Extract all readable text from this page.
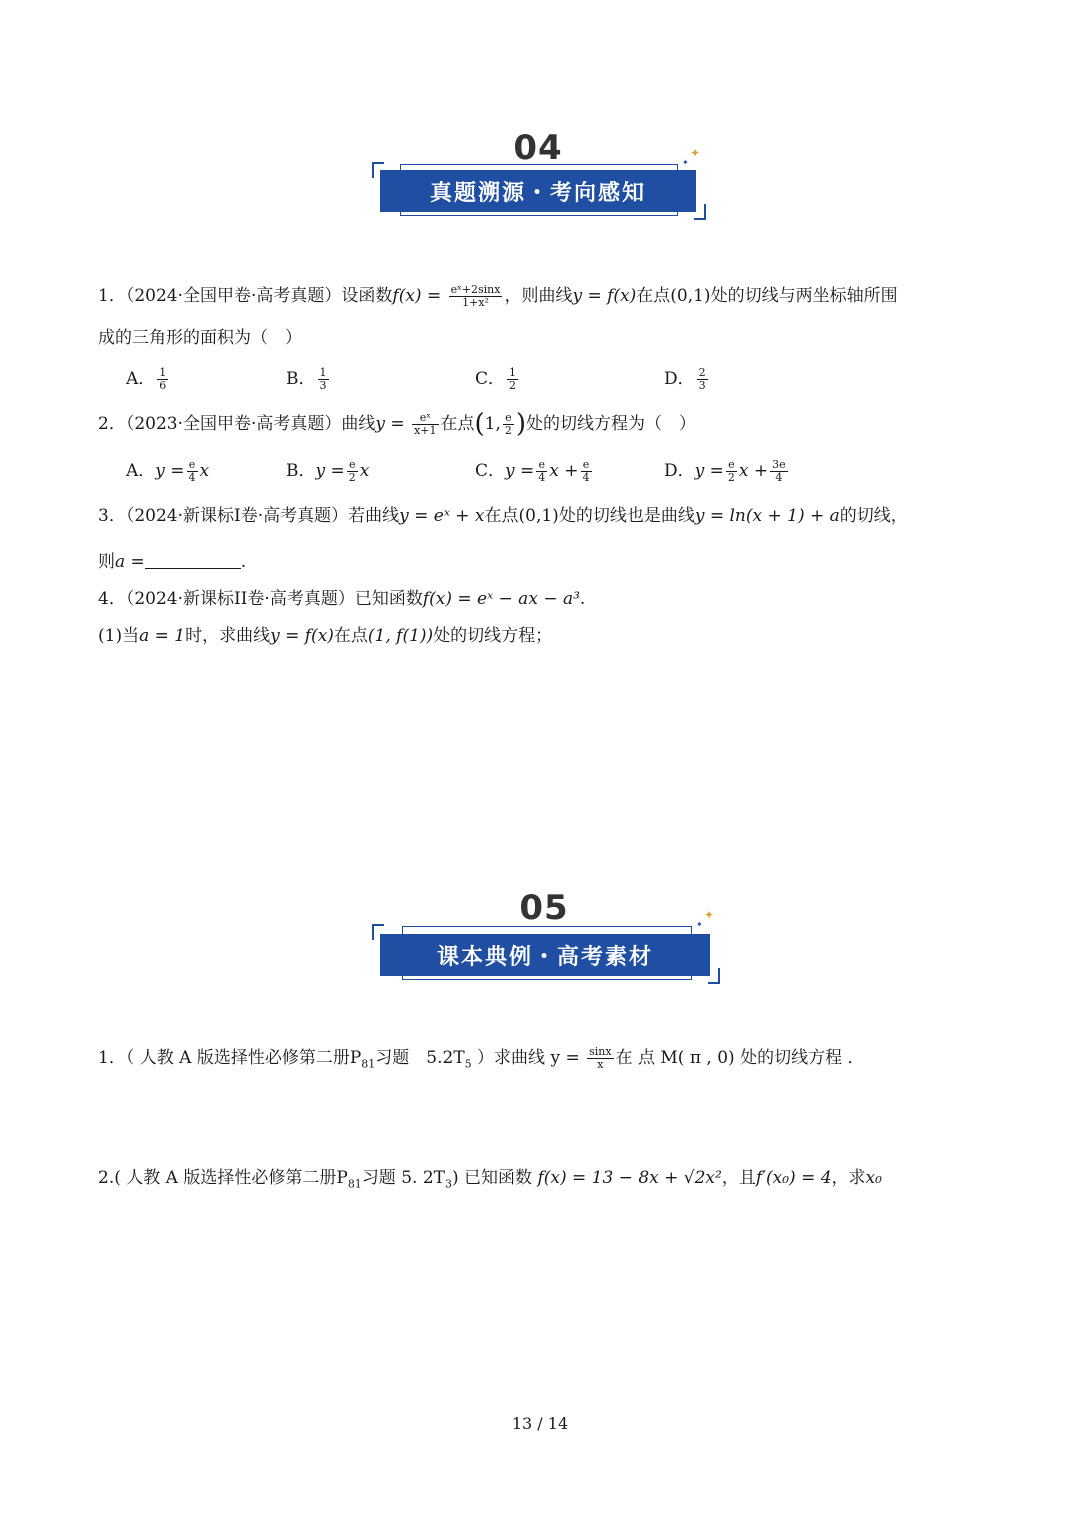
04
真题溯源・考向感知
✦
✦
1．（2024·全国甲卷·高考真题）设函数$f(x) = \frac{\text{eˣ+2sinx}}{\text{1+x²}}$ ，则曲线y = f(x)在点(0,1)处的切线与两坐标轴所围
成的三角形的面积为（　）
A． $\frac{1}{6}$	B． $\frac{1}{3}$	C． $\frac{1}{2}$	D． $\frac{2}{3}$
2．（2023·全国甲卷·高考真题）曲线$y = \frac{\text{eˣ}}{x+1}$ 在点(1, $\frac{e}{2}$ )处的切线方程为（　）
A．$y = \frac{e}{4}$ x	B．$y = \frac{e}{2}$ x	C．$y = \frac{e}{4}$ $x + \frac{e}{4}$	D．$y = \frac{e}{2}$ $x + \frac{3e}{4}$
3．（2024·新课标Ⅰ卷·高考真题）若曲线y = eˣ + x在点(0,1)处的切线也是曲线y = ln(x + 1) + a的切线，
则a =	.
4．（2024·新课标II卷·高考真题）已知函数f(x) = eˣ − ax − a³.
(1)当a = 1时，求曲线y = f(x)在点(1, f(1))处的切线方程；
05
课本典例・高考素材
✦
✦
1．（ 人教 A 版选择性必修第二册$P_{81}$习题　$5.2T_5$ ）求曲线 $y = \frac{\sin x}{x}$ 在 点 M( π , 0) 处的切线方程 ．
2.( 人教 A 版选择性必修第二册$P_{81}$习题 5. $2T_3$) 已知函数 f(x) = 13 − 8x + √2x²，且f′(x₀) = 4，求x₀
13 / 14
